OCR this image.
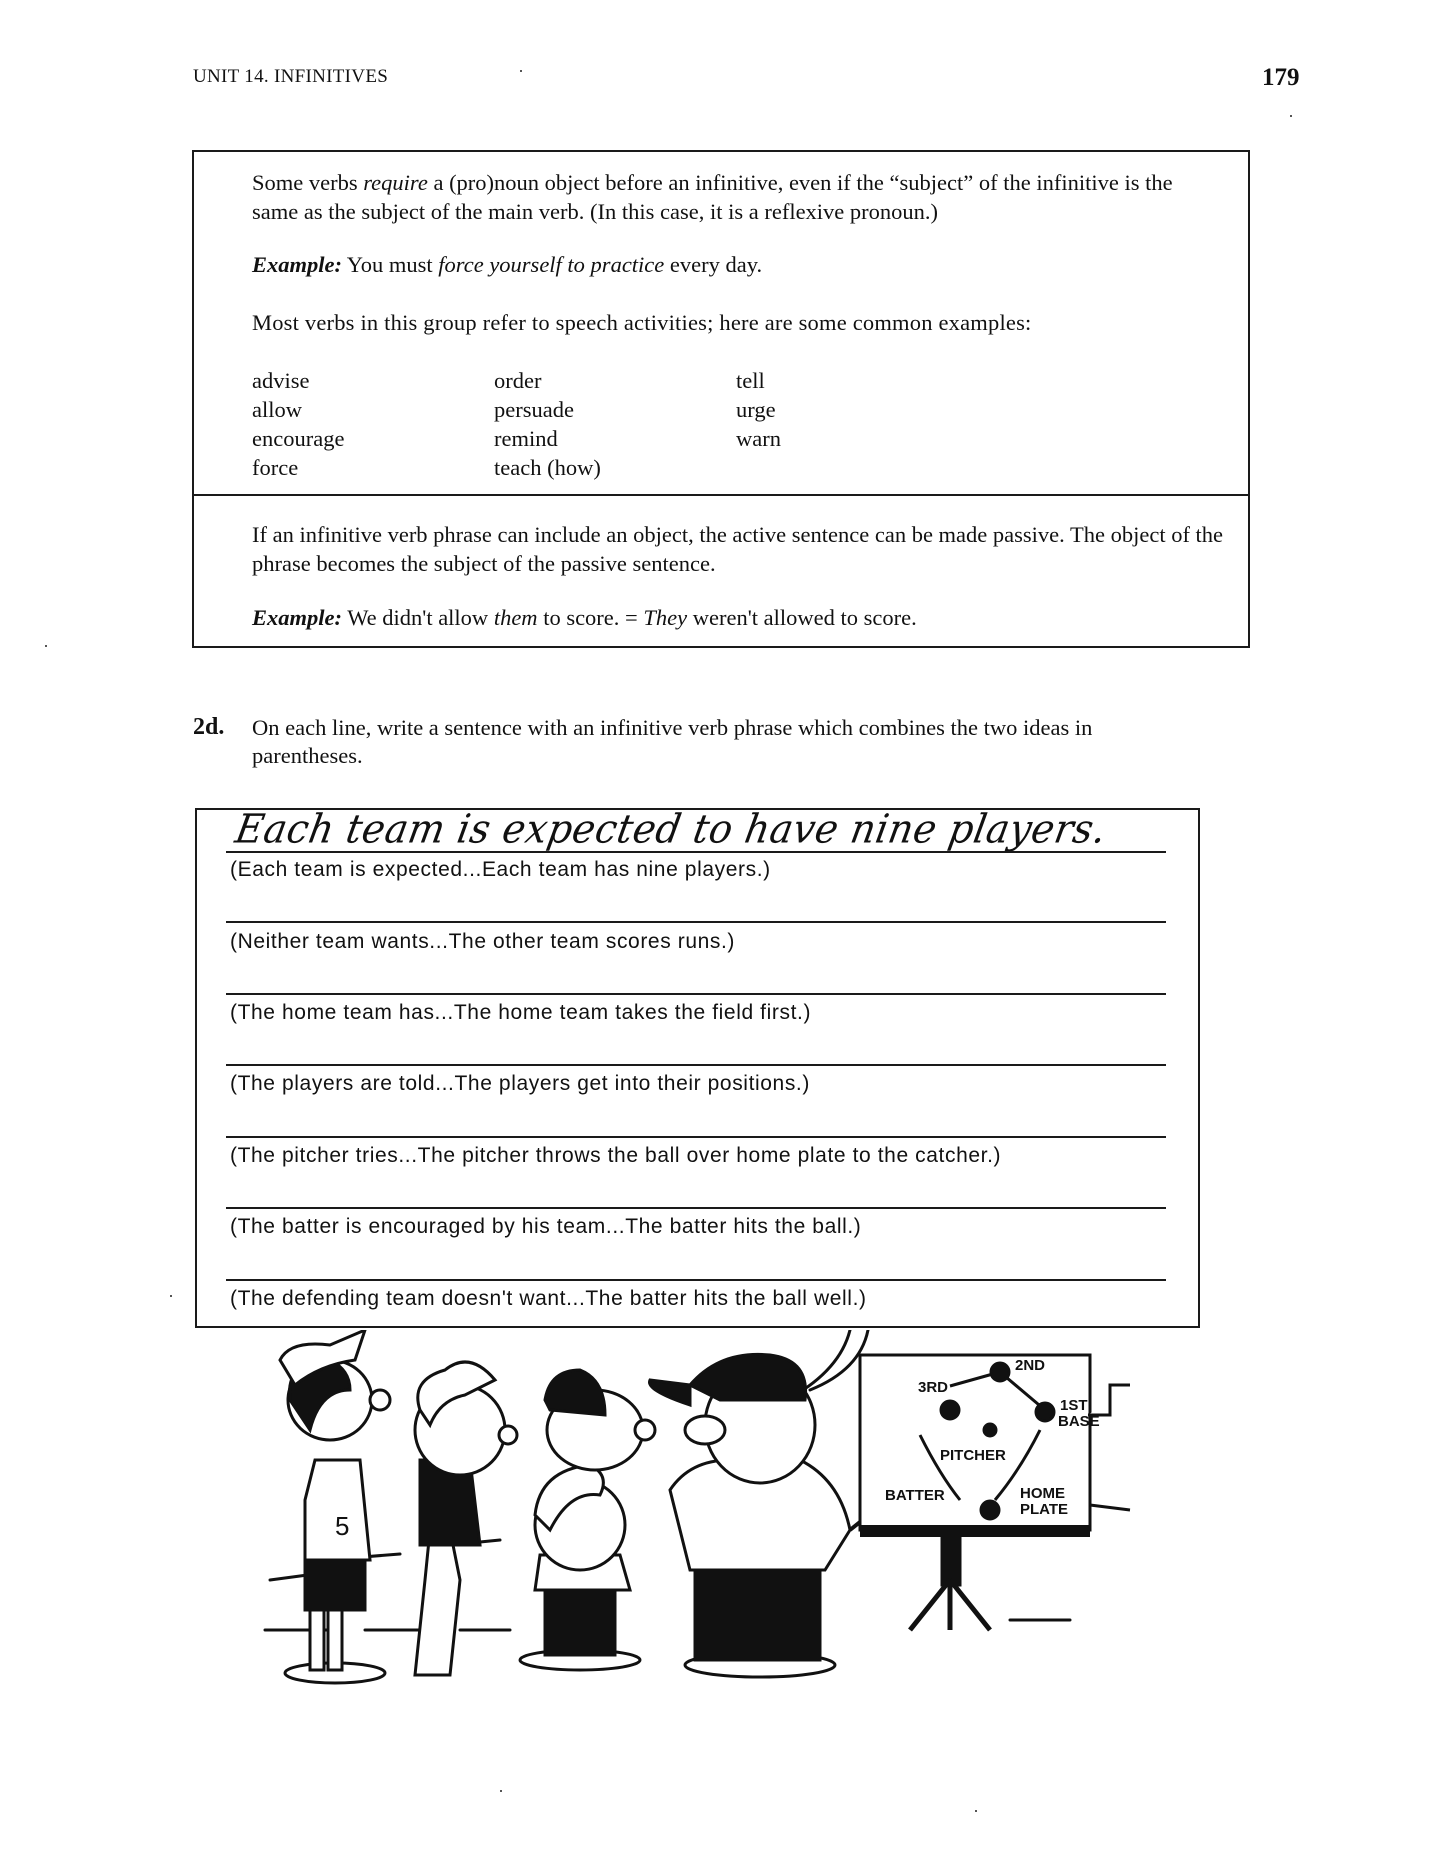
UNIT 14. INFINITIVES	179
Some verbs require a (pro)noun object before an infinitive, even if the “subject” of the infinitive is the same as the subject of the main verb. (In this case, it is a reflexive pronoun.)
Example: You must force yourself to practice every day.
Most verbs in this group refer to speech activities; here are some common examples:
advise
allow
encourage
force
order
persuade
remind
teach (how)
tell
urge
warn
If an infinitive verb phrase can include an object, the active sentence can be made passive. The object of the phrase becomes the subject of the passive sentence.
Example: We didn't allow them to score. = They weren't allowed to score.
2d. On each line, write a sentence with an infinitive verb phrase which combines the two ideas in parentheses.
Each team is expected to have nine players.
(Each team is expected...Each team has nine players.)
(Neither team wants...The other team scores runs.)
(The home team has...The home team takes the field first.)
(The players are told...The players get into their positions.)
(The pitcher tries...The pitcher throws the ball over home plate to the catcher.)
(The batter is encouraged by his team...The batter hits the ball.)
(The defending team doesn't want...The batter hits the ball well.)
5
3RD
2ND
1ST
BASE
PITCHER
BATTER	HOME
PLATE
